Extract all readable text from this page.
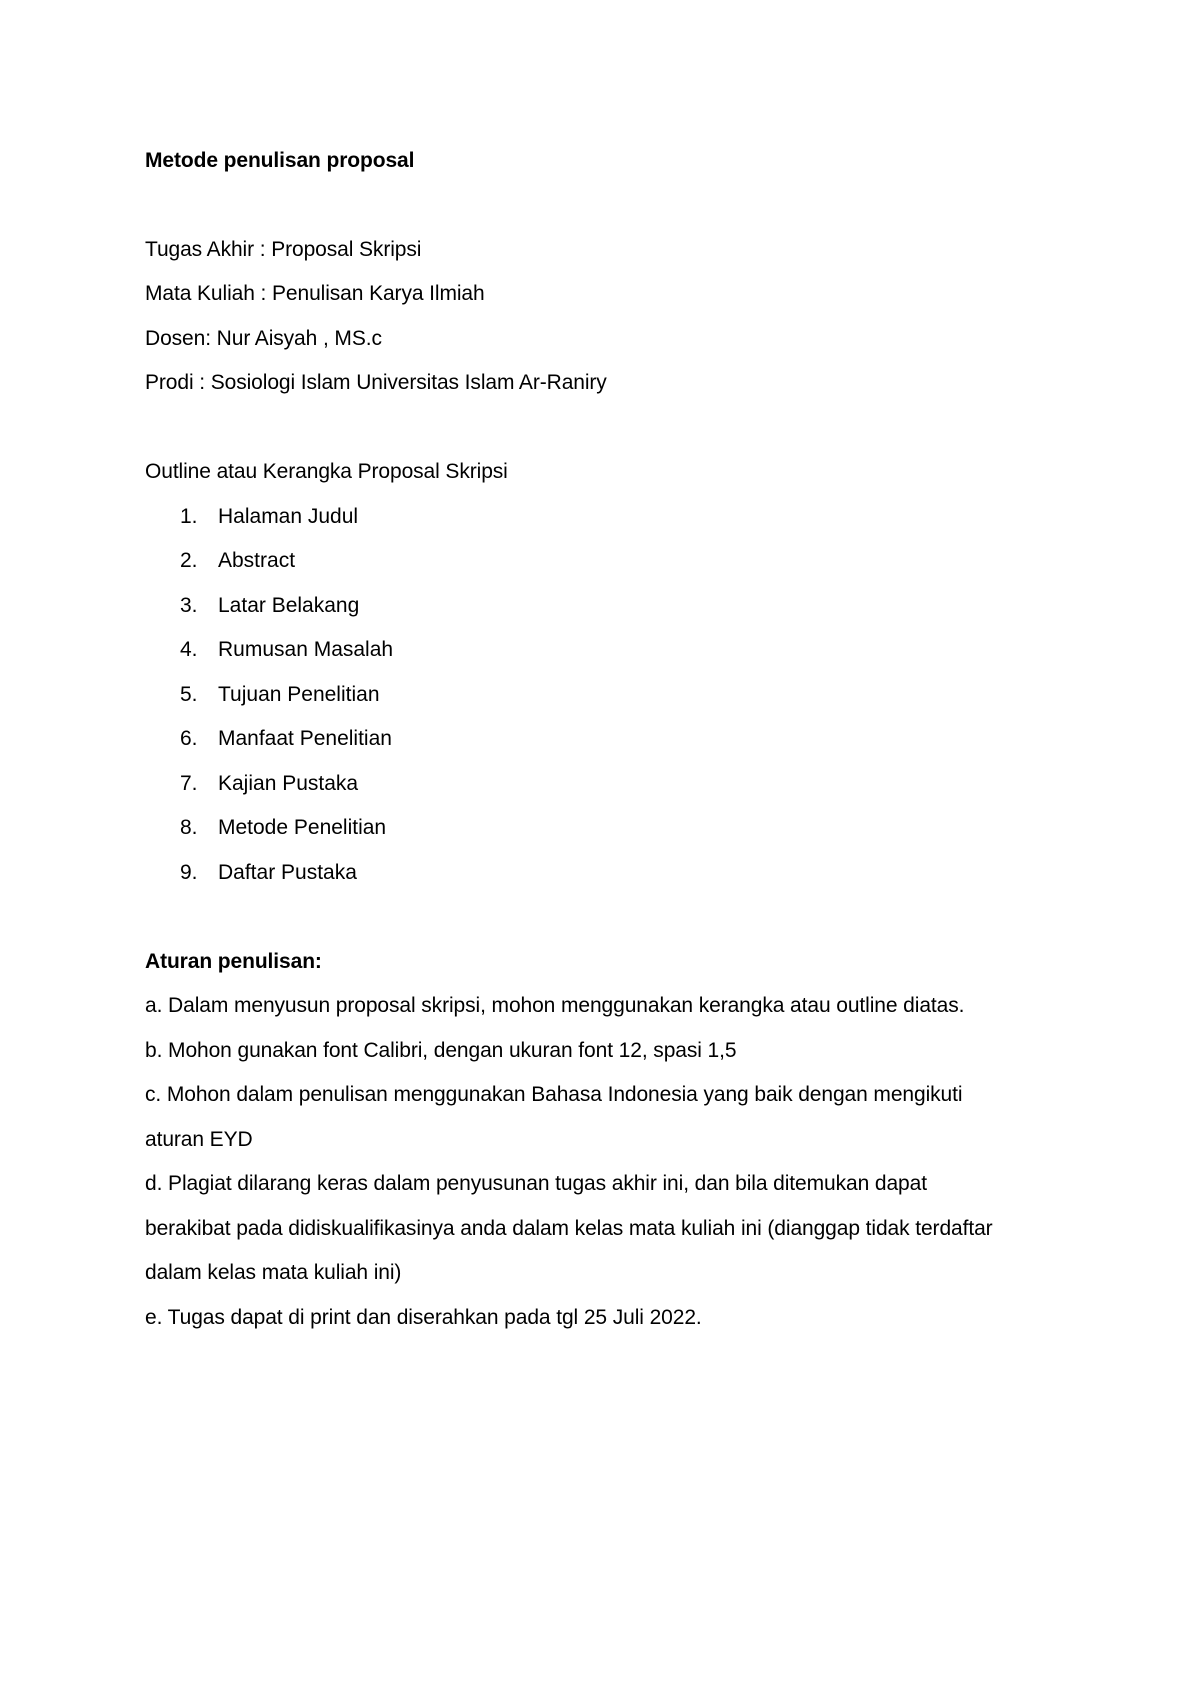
Metode penulisan proposal
Tugas Akhir : Proposal Skripsi
Mata Kuliah : Penulisan Karya Ilmiah
Dosen: Nur Aisyah , MS.c
Prodi : Sosiologi Islam Universitas Islam Ar-Raniry
Outline atau Kerangka Proposal Skripsi
1. Halaman Judul
2. Abstract
3. Latar Belakang
4. Rumusan Masalah
5. Tujuan Penelitian
6. Manfaat Penelitian
7. Kajian Pustaka
8. Metode Penelitian
9. Daftar Pustaka
Aturan penulisan:
a. Dalam menyusun proposal skripsi, mohon menggunakan kerangka atau outline diatas.
b. Mohon gunakan font Calibri, dengan ukuran font 12, spasi 1,5
c. Mohon dalam penulisan menggunakan Bahasa Indonesia yang baik dengan mengikuti
aturan EYD
d. Plagiat dilarang keras dalam penyusunan tugas akhir ini, dan bila ditemukan dapat
berakibat pada didiskualifikasinya anda dalam kelas mata kuliah ini (dianggap tidak terdaftar
dalam kelas mata kuliah ini)
e. Tugas dapat di print dan diserahkan pada tgl 25 Juli 2022.
